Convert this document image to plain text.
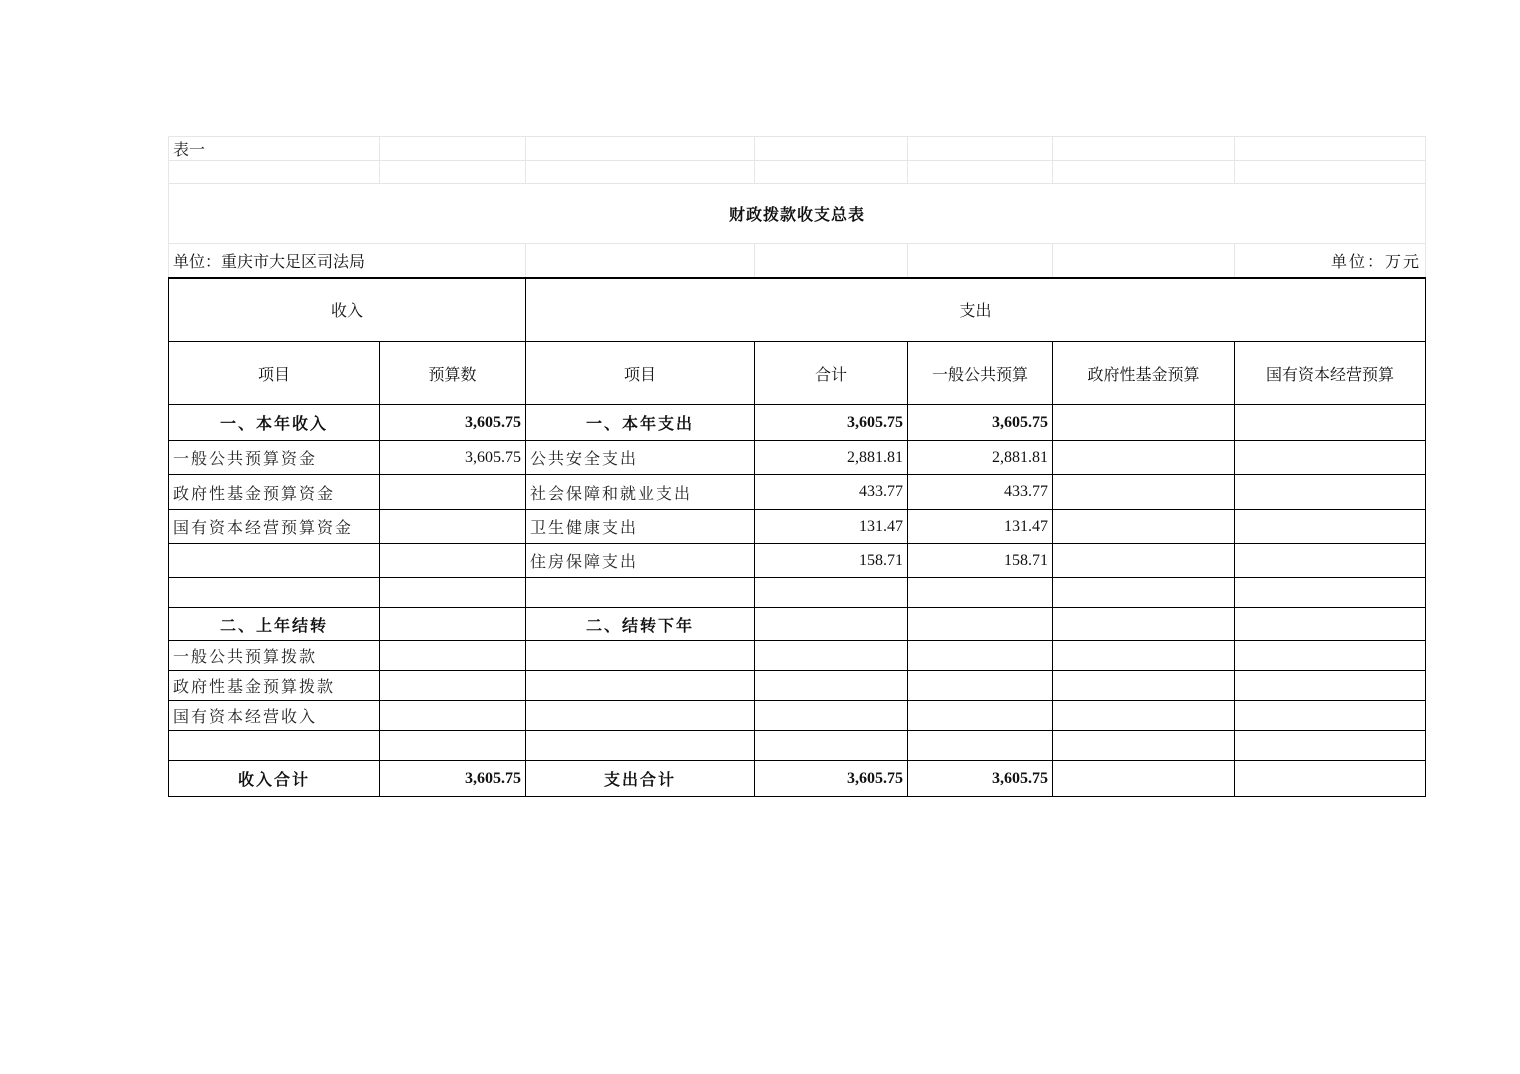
表一						

财政拨款收支总表						
单位：重庆市大足区司法局						单位：万元
收入		支出				
项目	预算数	项目	合计	一般公共预算	政府性基金预算	国有资本经营预算
一、本年收入	3,605.75	一、本年支出	3,605.75	3,605.75		
一般公共预算资金	3,605.75	公共安全支出	2,881.81	2,881.81		
政府性基金预算资金		社会保障和就业支出	433.77	433.77		
国有资本经营预算资金		卫生健康支出	131.47	131.47		
		住房保障支出	158.71	158.71		

二、上年结转		二、结转下年				
一般公共预算拨款						
政府性基金预算拨款						
国有资本经营收入						

收入合计	3,605.75	支出合计	3,605.75	3,605.75		
